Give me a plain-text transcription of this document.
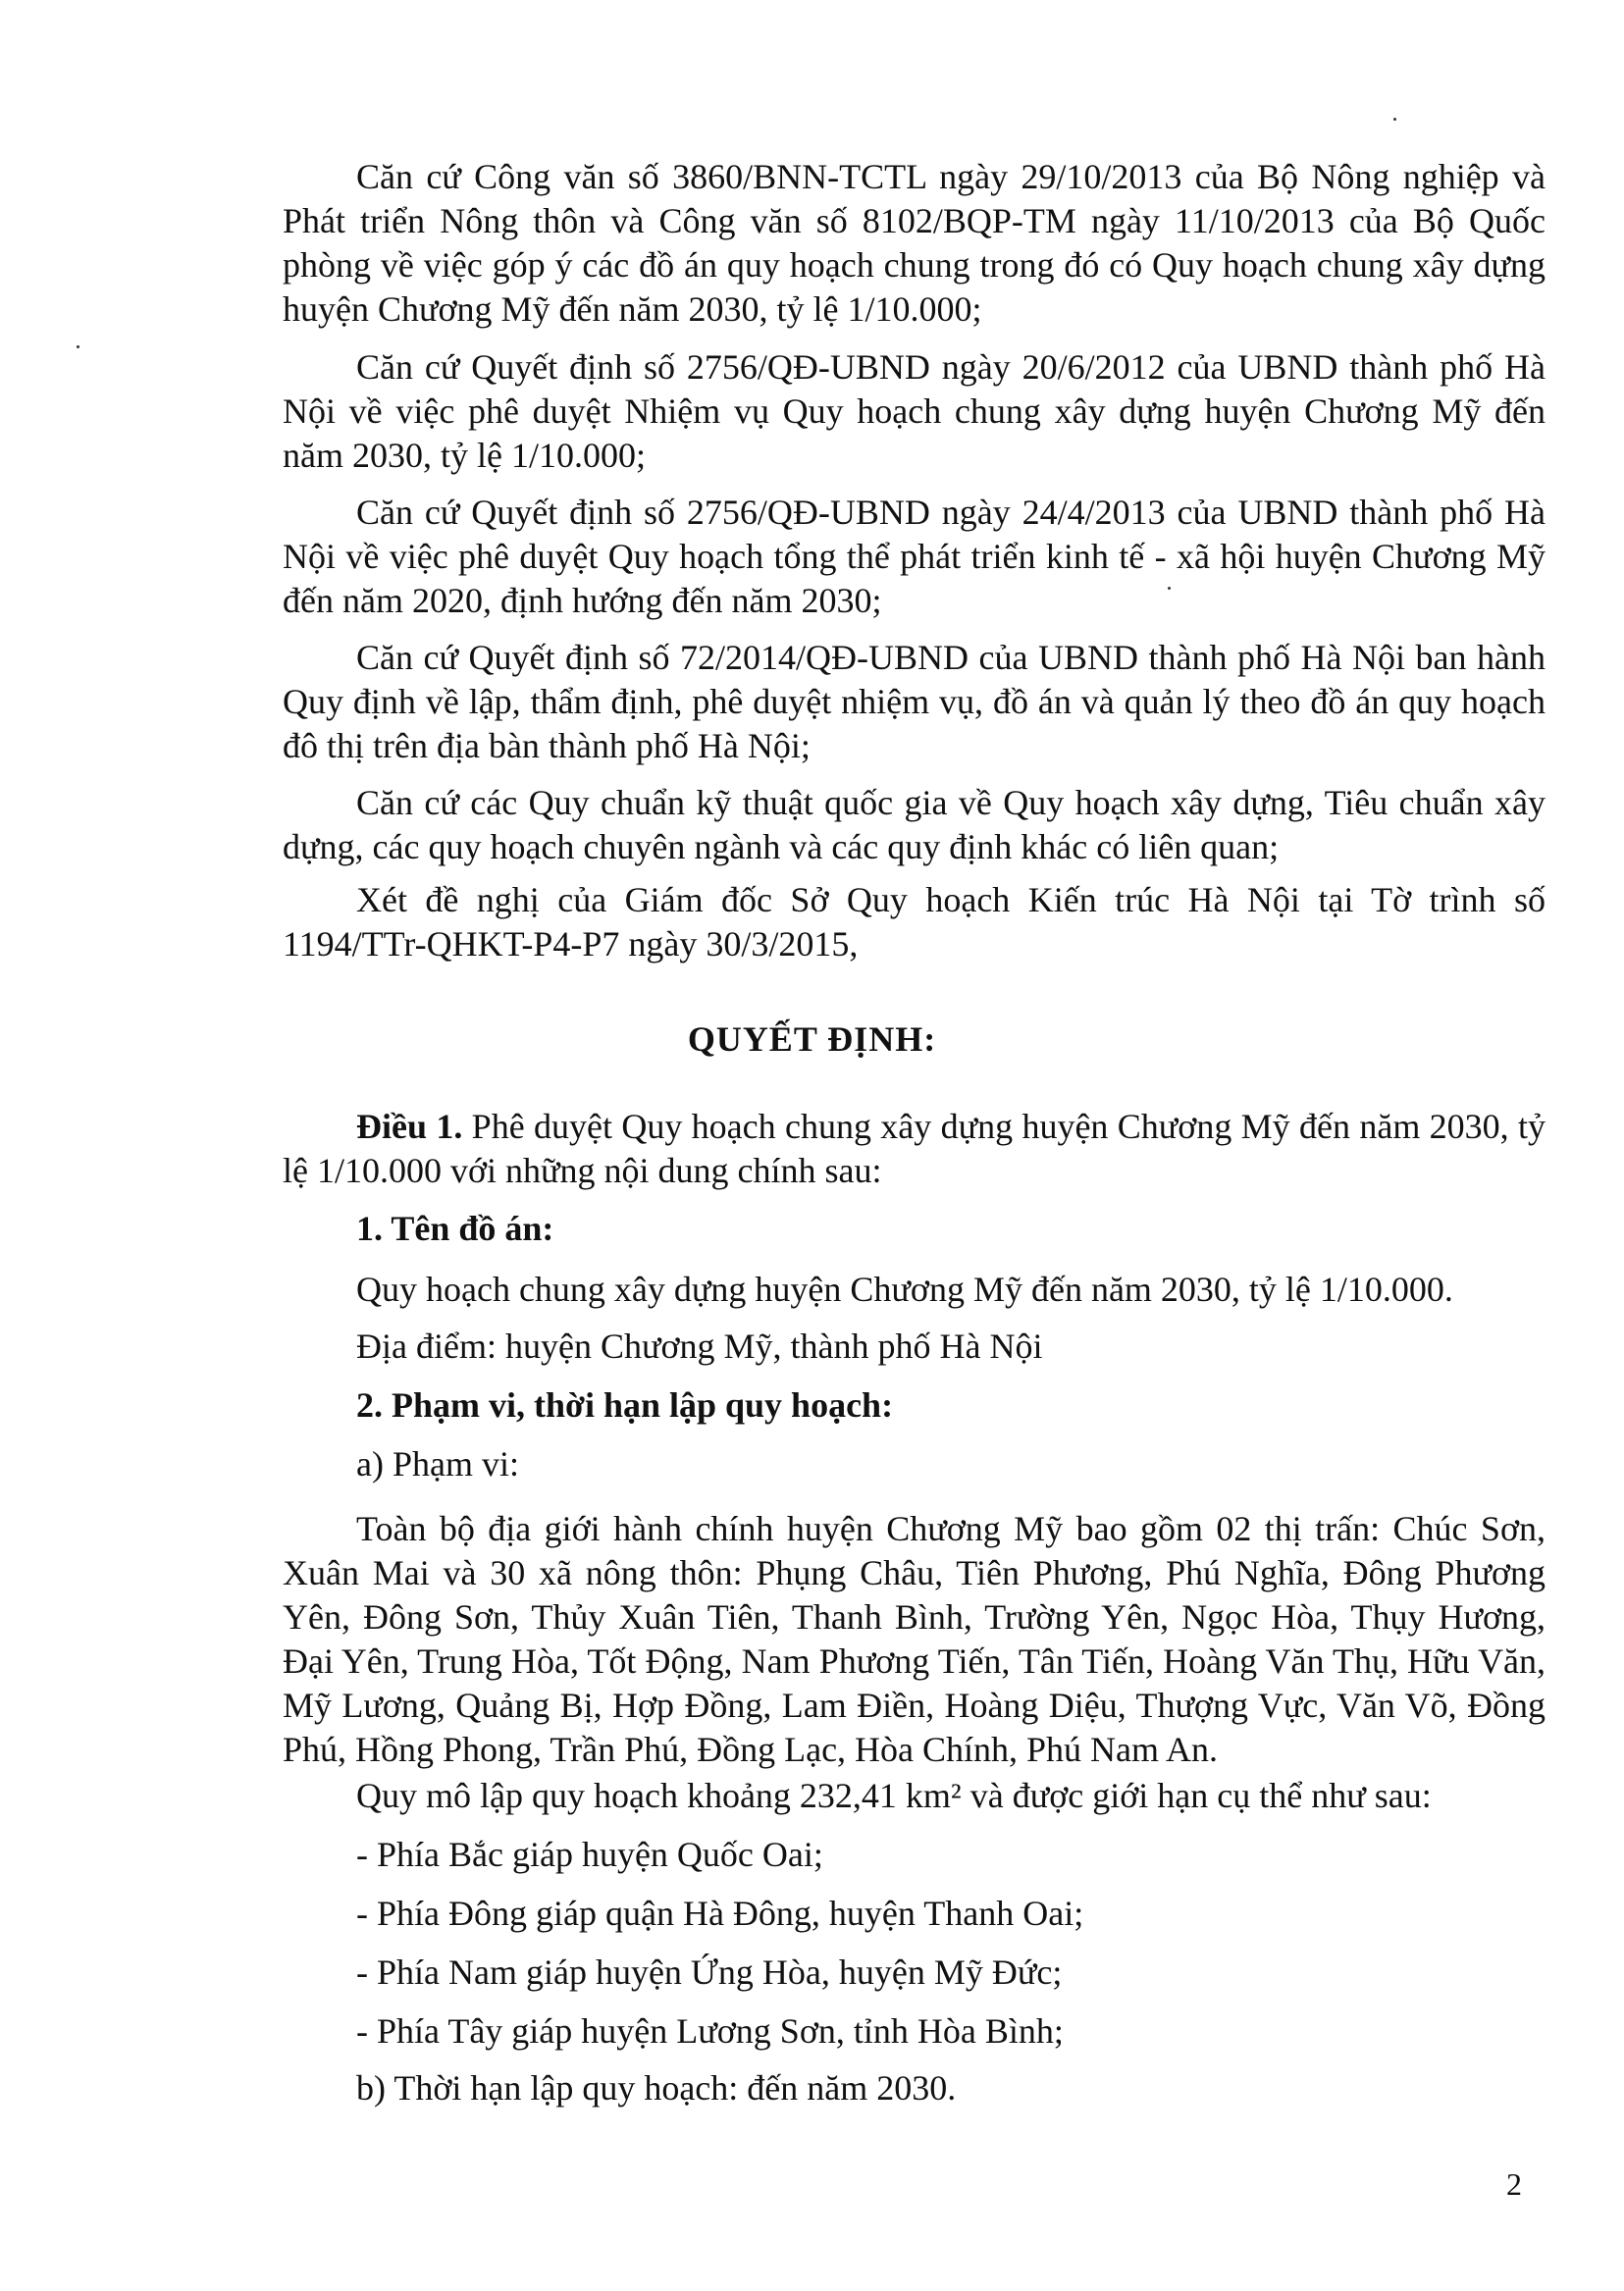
Căn cứ Công văn số 3860/BNN-TCTL ngày 29/10/2013 của Bộ Nông nghiệp và Phát triển Nông thôn và Công văn số 8102/BQP-TM ngày 11/10/2013 của Bộ Quốc phòng về việc góp ý các đồ án quy hoạch chung trong đó có Quy hoạch chung xây dựng huyện Chương Mỹ đến năm 2030, tỷ lệ 1/10.000;

Căn cứ Quyết định số 2756/QĐ-UBND ngày 20/6/2012 của UBND thành phố Hà Nội về việc phê duyệt Nhiệm vụ Quy hoạch chung xây dựng huyện Chương Mỹ đến năm 2030, tỷ lệ 1/10.000;

Căn cứ Quyết định số 2756/QĐ-UBND ngày 24/4/2013 của UBND thành phố Hà Nội về việc phê duyệt Quy hoạch tổng thể phát triển kinh tế - xã hội huyện Chương Mỹ đến năm 2020, định hướng đến năm 2030;

Căn cứ Quyết định số 72/2014/QĐ-UBND của UBND thành phố Hà Nội ban hành Quy định về lập, thẩm định, phê duyệt nhiệm vụ, đồ án và quản lý theo đồ án quy hoạch đô thị trên địa bàn thành phố Hà Nội;

Căn cứ các Quy chuẩn kỹ thuật quốc gia về Quy hoạch xây dựng, Tiêu chuẩn xây dựng, các quy hoạch chuyên ngành và các quy định khác có liên quan;

Xét đề nghị của Giám đốc Sở Quy hoạch Kiến trúc Hà Nội tại Tờ trình số 1194/TTr-QHKT-P4-P7 ngày 30/3/2015,

QUYẾT ĐỊNH:

Điều 1. Phê duyệt Quy hoạch chung xây dựng huyện Chương Mỹ đến năm 2030, tỷ lệ 1/10.000 với những nội dung chính sau:

1. Tên đồ án:

Quy hoạch chung xây dựng huyện Chương Mỹ đến năm 2030, tỷ lệ 1/10.000.

Địa điểm: huyện Chương Mỹ, thành phố Hà Nội

2. Phạm vi, thời hạn lập quy hoạch:

a) Phạm vi:

Toàn bộ địa giới hành chính huyện Chương Mỹ bao gồm 02 thị trấn: Chúc Sơn, Xuân Mai và 30 xã nông thôn: Phụng Châu, Tiên Phương, Phú Nghĩa, Đông Phương Yên, Đông Sơn, Thủy Xuân Tiên, Thanh Bình, Trường Yên, Ngọc Hòa, Thụy Hương, Đại Yên, Trung Hòa, Tốt Động, Nam Phương Tiến, Tân Tiến, Hoàng Văn Thụ, Hữu Văn, Mỹ Lương, Quảng Bị, Hợp Đồng, Lam Điền, Hoàng Diệu, Thượng Vực, Văn Võ, Đồng Phú, Hồng Phong, Trần Phú, Đồng Lạc, Hòa Chính, Phú Nam An.

Quy mô lập quy hoạch khoảng 232,41 km² và được giới hạn cụ thể như sau:

- Phía Bắc giáp huyện Quốc Oai;

- Phía Đông giáp quận Hà Đông, huyện Thanh Oai;

- Phía Nam giáp huyện Ứng Hòa, huyện Mỹ Đức;

- Phía Tây giáp huyện Lương Sơn, tỉnh Hòa Bình;

b) Thời hạn lập quy hoạch: đến năm 2030.

2
